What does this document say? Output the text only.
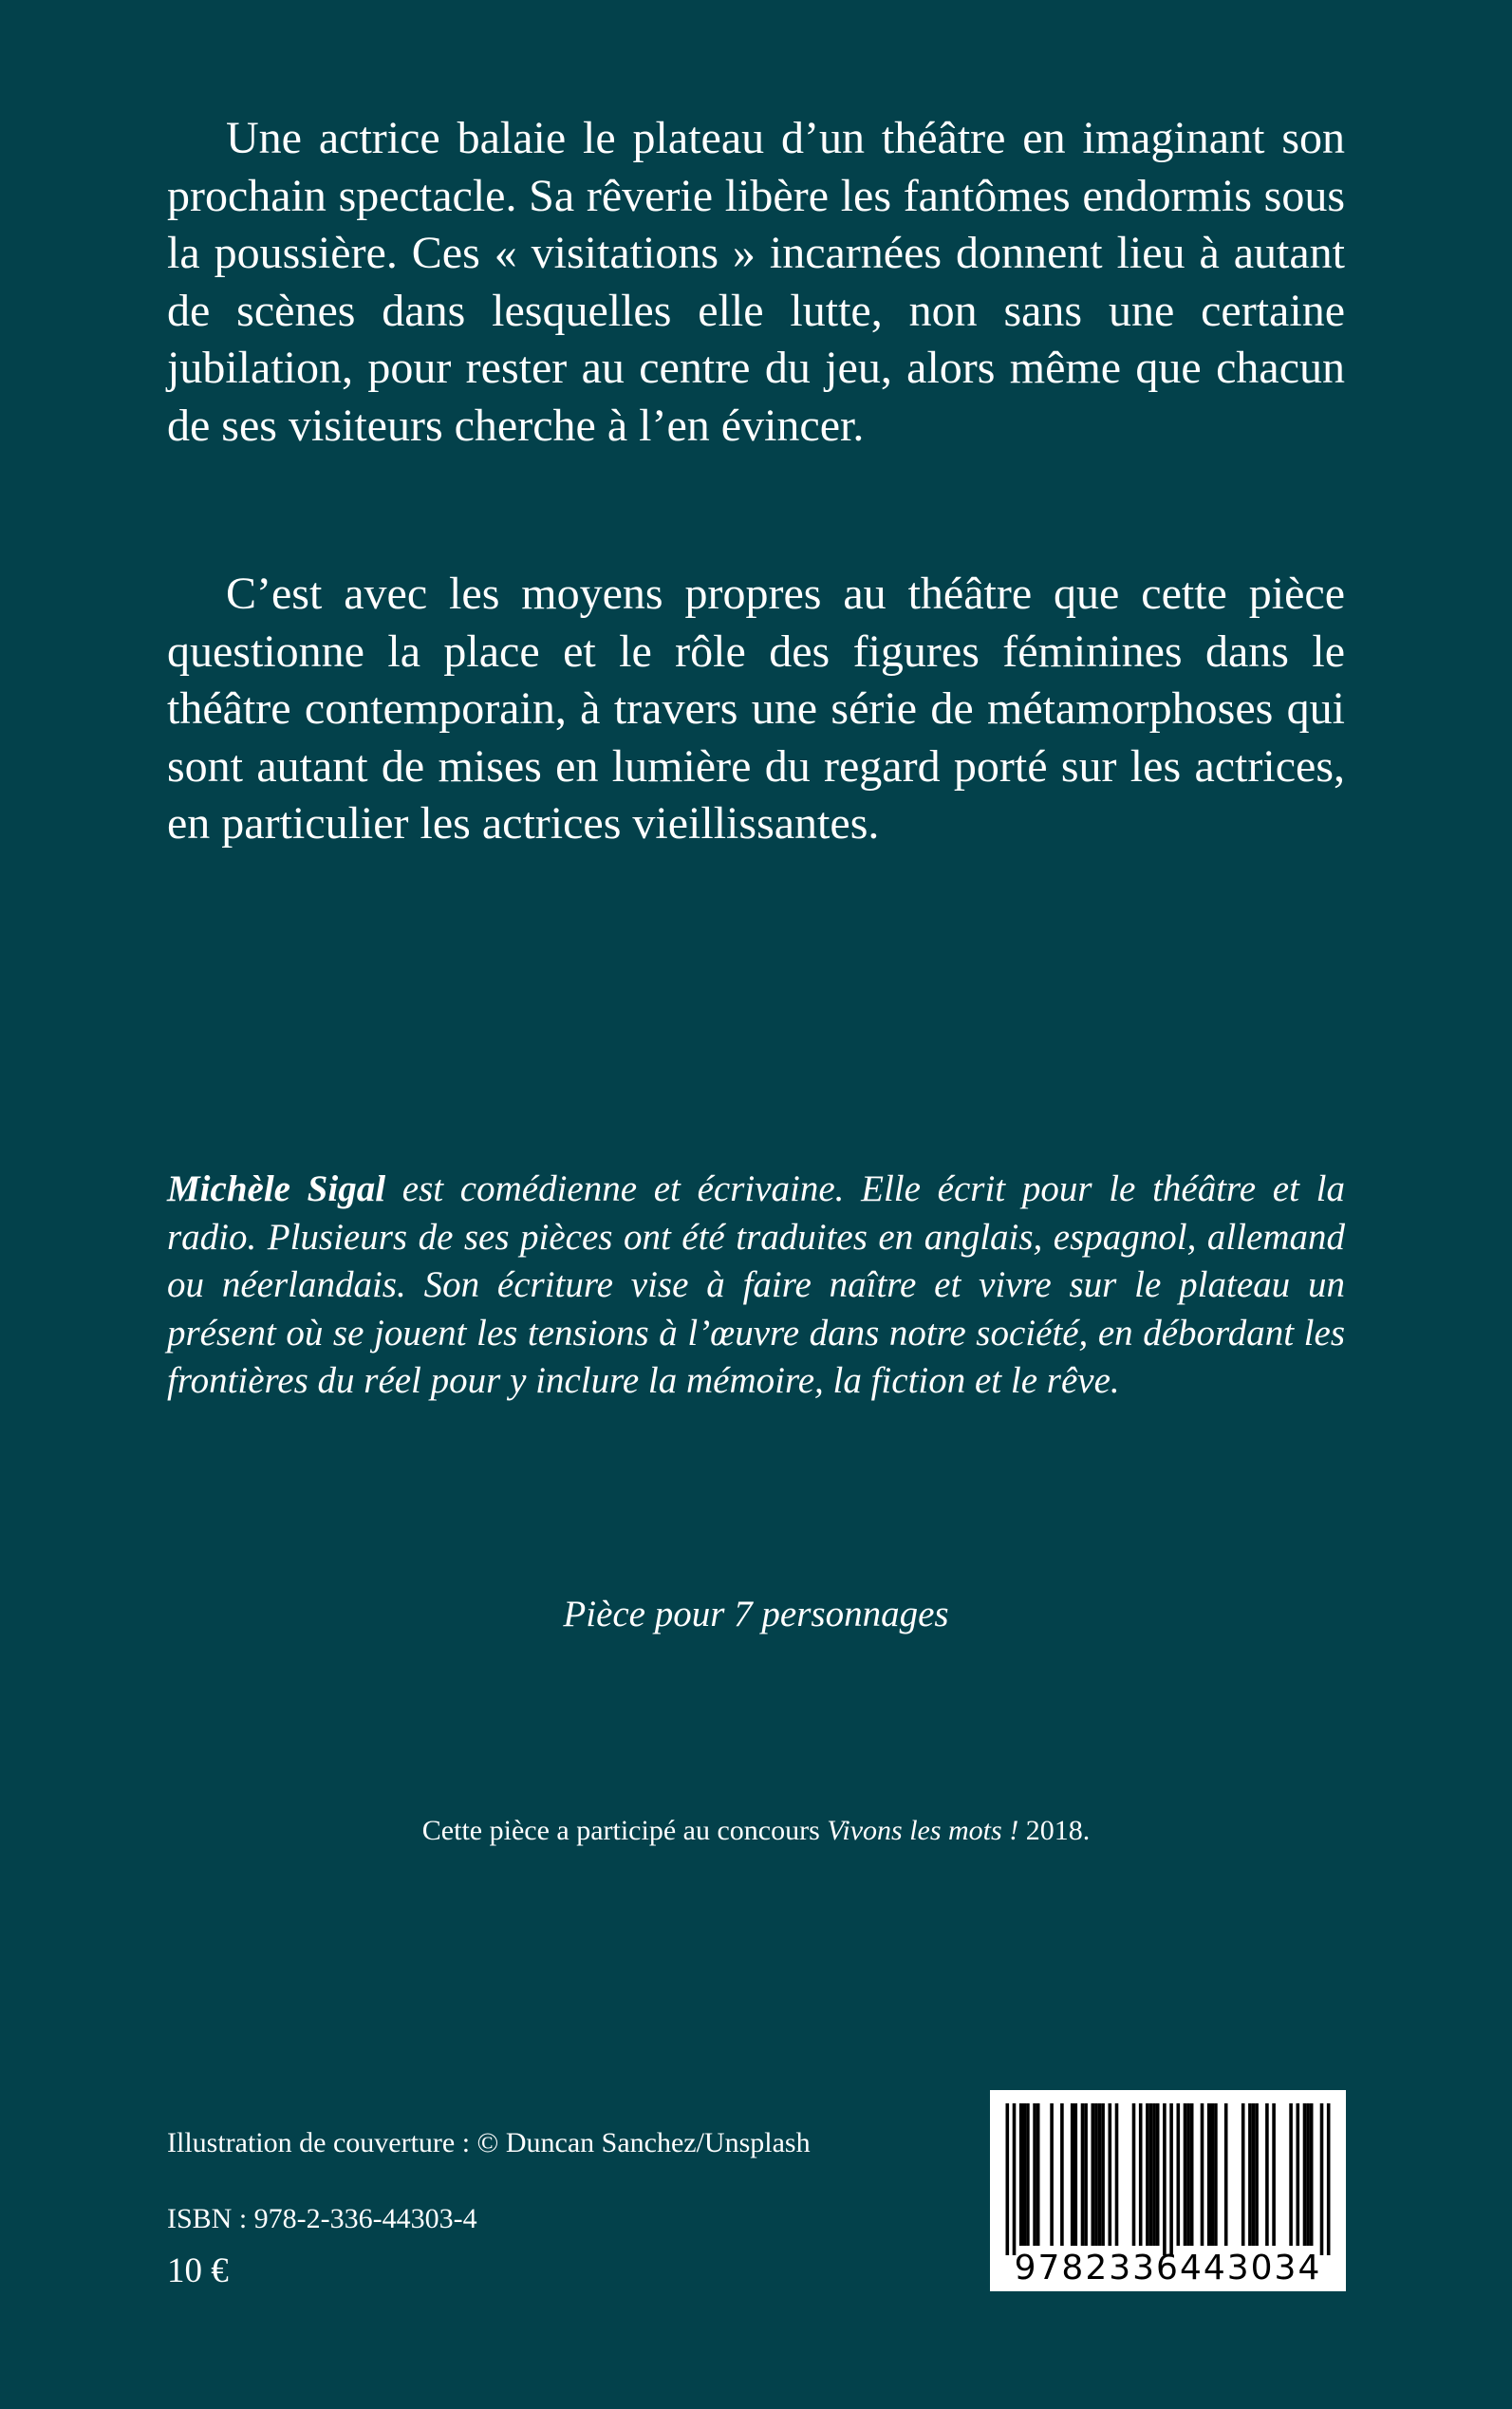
Une actrice balaie le plateau d’un théâtre en imaginant son prochain spectacle. Sa rêverie libère les fantômes endormis sous la poussière. Ces « visitations » incarnées donnent lieu à autant de scènes dans lesquelles elle lutte, non sans une certaine jubilation, pour rester au centre du jeu, alors même que chacun de ses visiteurs cherche à l’en évincer.

C’est avec les moyens propres au théâtre que cette pièce questionne la place et le rôle des figures féminines dans le théâtre contemporain, à travers une série de métamorphoses qui sont autant de mises en lumière du regard porté sur les actrices, en particulier les actrices vieillissantes.

Michèle Sigal est comédienne et écrivaine. Elle écrit pour le théâtre et la radio. Plusieurs de ses pièces ont été traduites en anglais, espagnol, allemand ou néerlandais. Son écriture vise à faire naître et vivre sur le plateau un présent où se jouent les tensions à l’œuvre dans notre société, en débordant les frontières du réel pour y inclure la mémoire, la fiction et le rêve.

Pièce pour 7 personnages
Cette pièce a participé au concours Vivons les mots ! 2018.
Illustration de couverture : © Duncan Sanchez/Unsplash
ISBN : 978-2-336-44303-4
10 €	9782336443034
